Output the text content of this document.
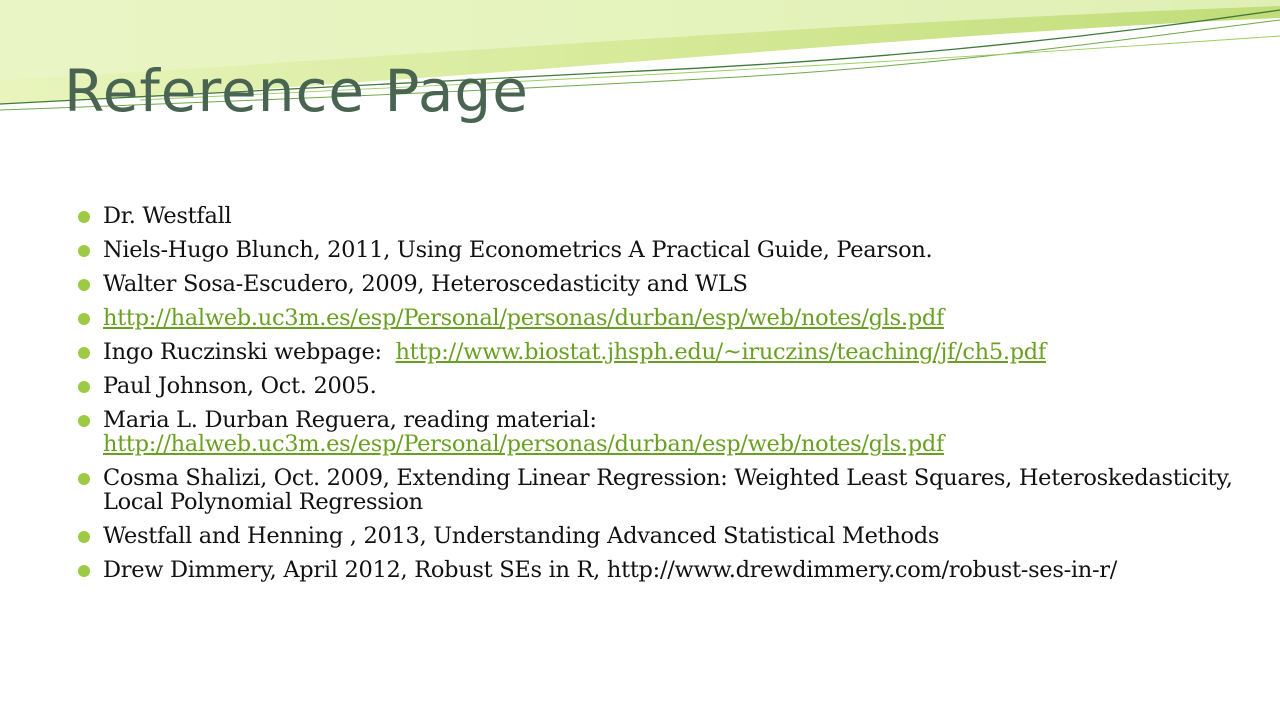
Reference Page
Dr. Westfall
Niels-Hugo Blunch, 2011, Using Econometrics A Practical Guide, Pearson.
Walter Sosa-Escudero, 2009, Heteroscedasticity and WLS
http://halweb.uc3m.es/esp/Personal/personas/durban/esp/web/notes/gls.pdf
Ingo Ruczinski webpage:  http://www.biostat.jhsph.edu/~iruczins/teaching/jf/ch5.pdf
Paul Johnson, Oct. 2005.
Maria L. Durban Reguera, reading material:
http://halweb.uc3m.es/esp/Personal/personas/durban/esp/web/notes/gls.pdf
Cosma Shalizi, Oct. 2009, Extending Linear Regression: Weighted Least Squares, Heteroskedasticity, Local Polynomial Regression
Westfall and Henning , 2013, Understanding Advanced Statistical Methods
Drew Dimmery, April 2012, Robust SEs in R, http://www.drewdimmery.com/robust-ses-in-r/
